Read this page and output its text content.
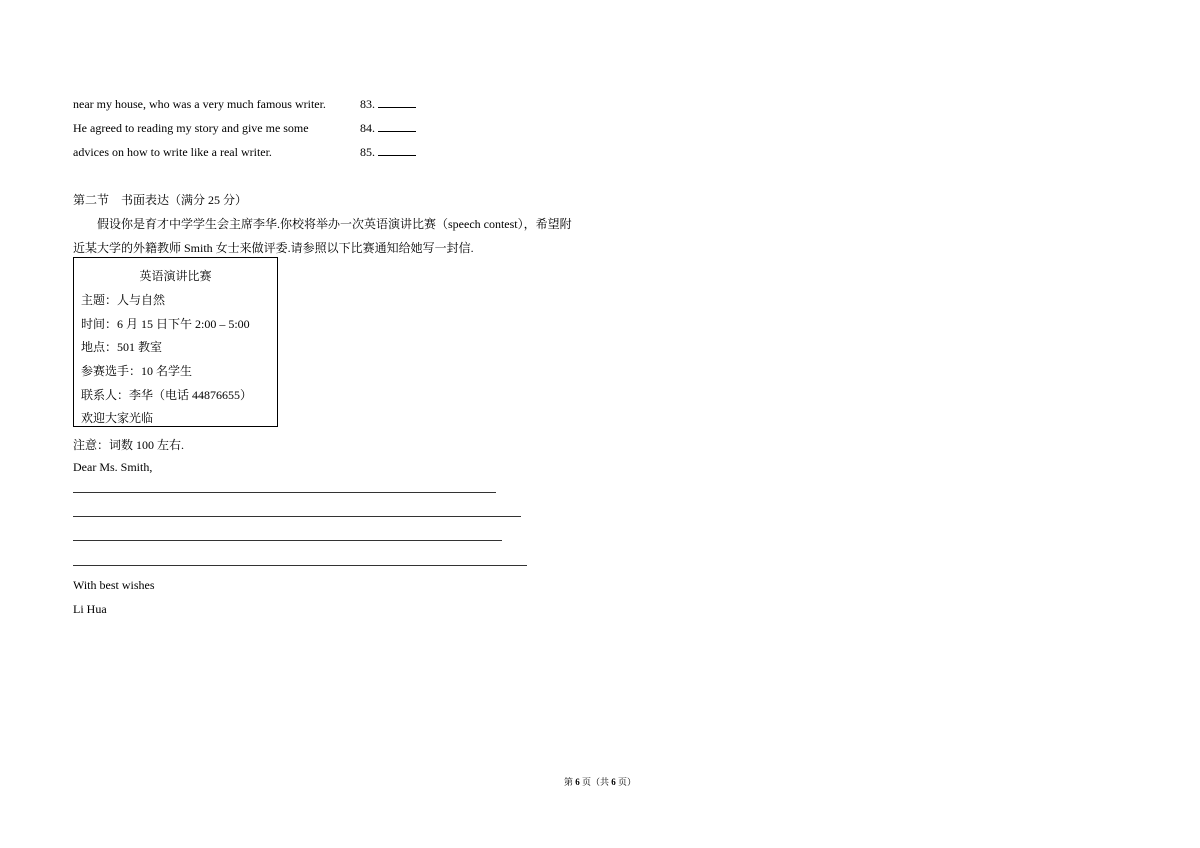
near my house, who was a very much famous writer.	83.
He agreed to reading my story and give me some	84.
advices on how to write like a real writer.	85.
第二节　书面表达（满分 25 分）
假设你是育才中学学生会主席李华.你校将举办一次英语演讲比赛（speech contest），希望附
近某大学的外籍教师 Smith 女士来做评委.请参照以下比赛通知给她写一封信.
英语演讲比赛
主题：人与自然
时间：6 月 15 日下午 2:00 – 5:00
地点：501 教室
参赛选手：10 名学生
联系人：李华（电话 44876655）
欢迎大家光临
注意：词数 100 左右.
Dear Ms. Smith,
With best wishes
Li Hua
第 6 页（共 6 页）
